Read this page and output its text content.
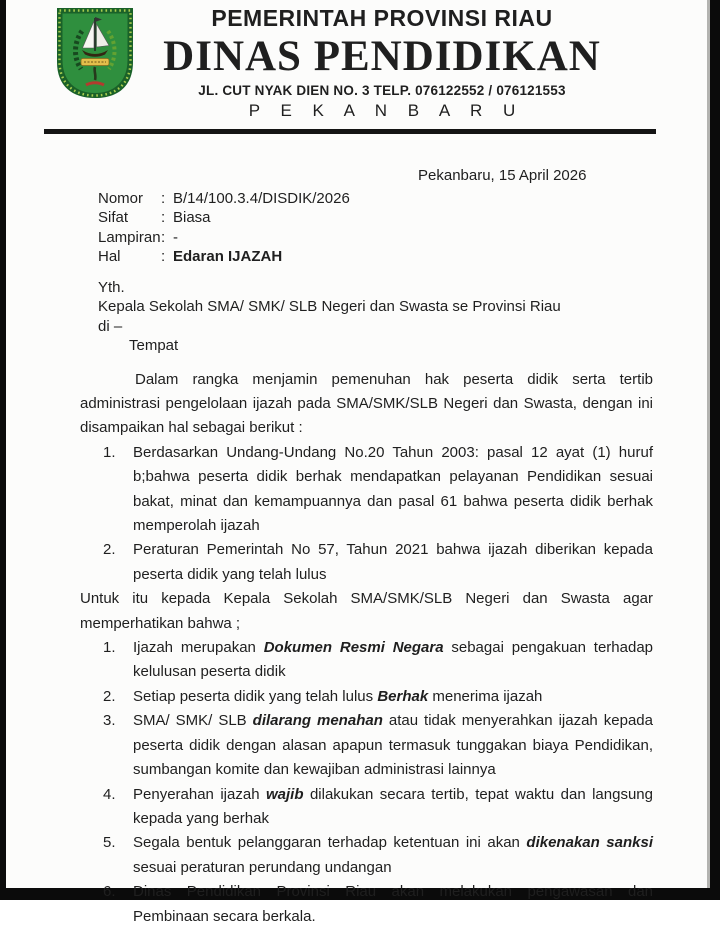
PEMERINTAH PROVINSI RIAU
DINAS PENDIDIKAN
JL. CUT NYAK DIEN NO. 3 TELP. 076122552 / 076121553
P E K A N B A R U
Pekanbaru, 15 April 2026
Nomor : B/14/100.3.4/DISDIK/2026
Sifat : Biasa
Lampiran: -
Hal	: Edaran IJAZAH
Yth.
Kepala Sekolah SMA/ SMK/ SLB Negeri dan Swasta se Provinsi Riau
di –
Tempat

Dalam rangka menjamin pemenuhan hak peserta didik serta tertib administrasi pengelolaan ijazah pada SMA/SMK/SLB Negeri dan Swasta, dengan ini disampaikan hal sebagai berikut :

Berdasarkan Undang-Undang No.20 Tahun 2003: pasal 12 ayat (1) huruf b;bahwa peserta didik berhak mendapatkan pelayanan Pendidikan sesuai bakat, minat dan kemampuannya dan pasal 61 bahwa peserta didik berhak memperolah ijazah
Peraturan Pemerintah No 57, Tahun 2021 bahwa ijazah diberikan kepada peserta didik yang telah lulus

Untuk itu kepada Kepala Sekolah SMA/SMK/SLB Negeri dan Swasta agar memperhatikan bahwa ;

Ijazah merupakan Dokumen Resmi Negara sebagai pengakuan terhadap kelulusan peserta didik
Setiap peserta didik yang telah lulus Berhak menerima ijazah
SMA/ SMK/ SLB dilarang menahan atau tidak menyerahkan ijazah kepada peserta didik dengan alasan apapun termasuk tunggakan biaya Pendidikan, sumbangan komite dan kewajiban administrasi lainnya
Penyerahan ijazah wajib dilakukan secara tertib, tepat waktu dan langsung kepada yang berhak
Segala bentuk pelanggaran terhadap ketentuan ini akan dikenakan sanksi sesuai peraturan perundang undangan
Dinas Pendidikan Provinsi Riau akan melakukan pengawasan dan Pembinaan secara berkala.
